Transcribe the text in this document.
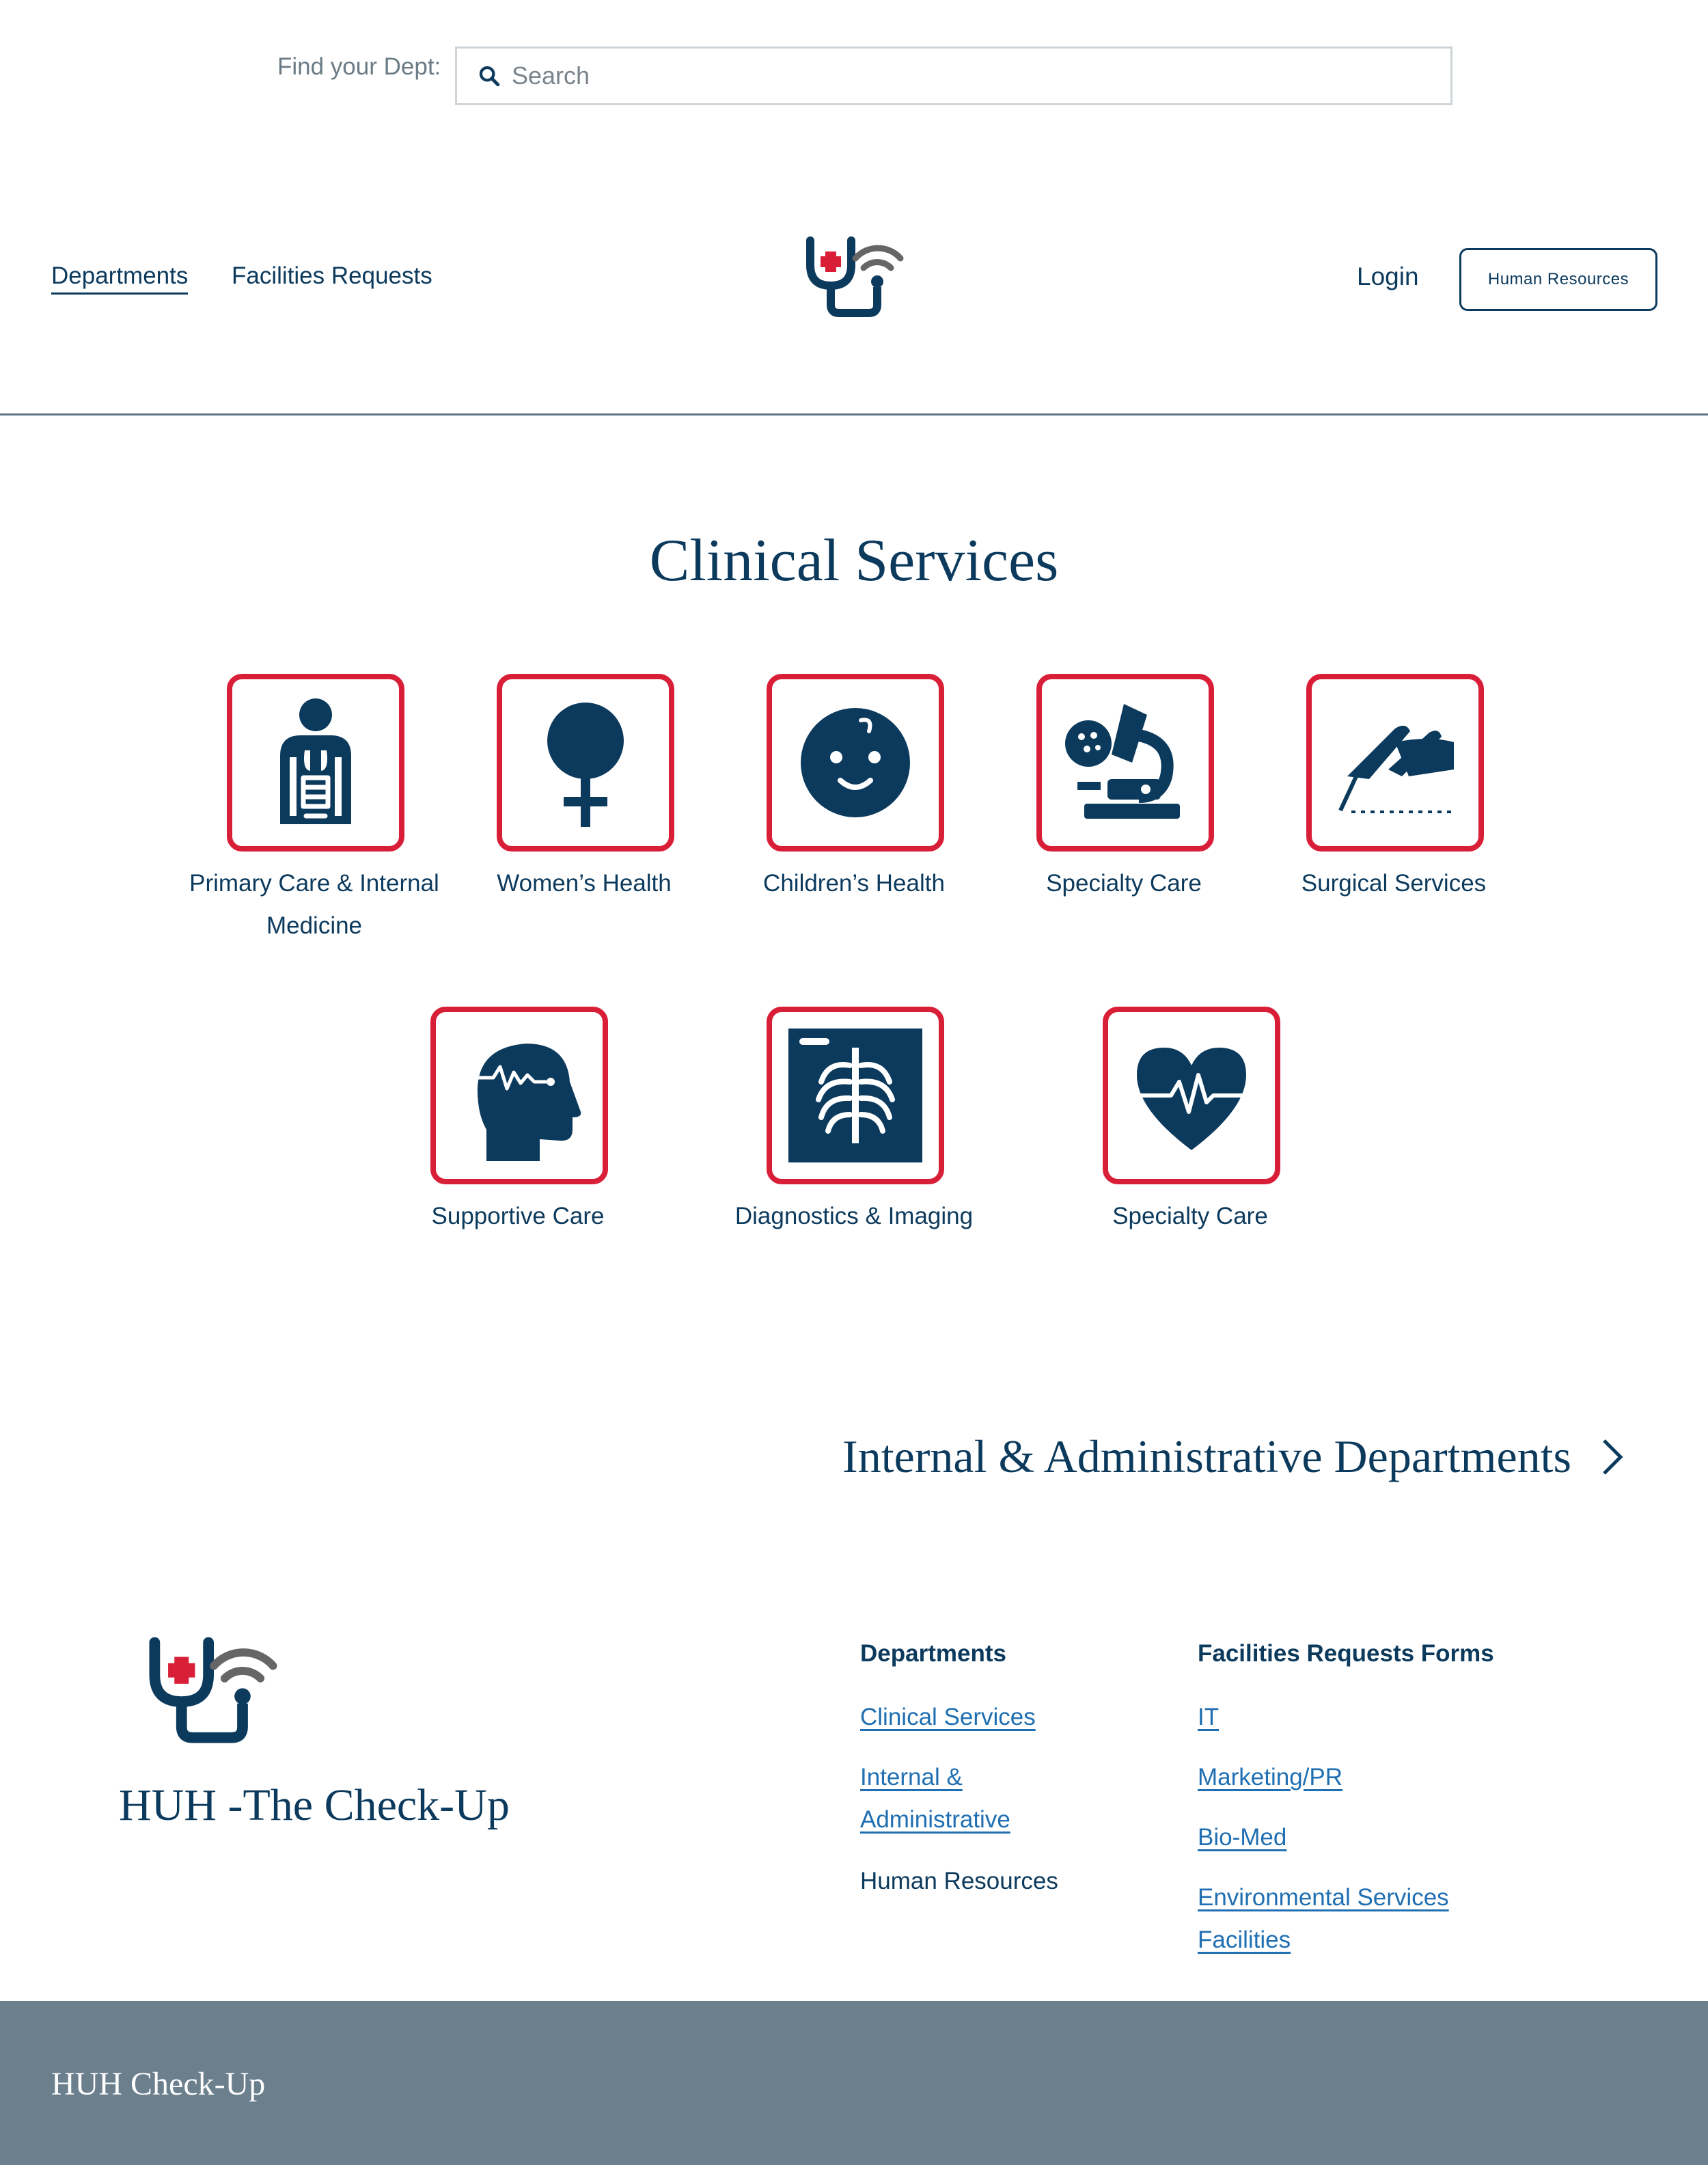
Find your Dept:
Search
Departments Facilities Requests	Login	Human Resources
Clinical Services
Primary Care & Internal Medicine
Women’s Health	Children’s Health	Specialty Care	Surgical Services
Supportive Care	Diagnostics & Imaging	Specialty Care
Internal & Administrative Departments
HUH -The Check-Up
Departments
Clinical Services
Internal & Administrative
Human Resources
Facilities Requests Forms
IT
Marketing/PR
Bio-Med
Environmental Services Facilities
HUH Check-Up
